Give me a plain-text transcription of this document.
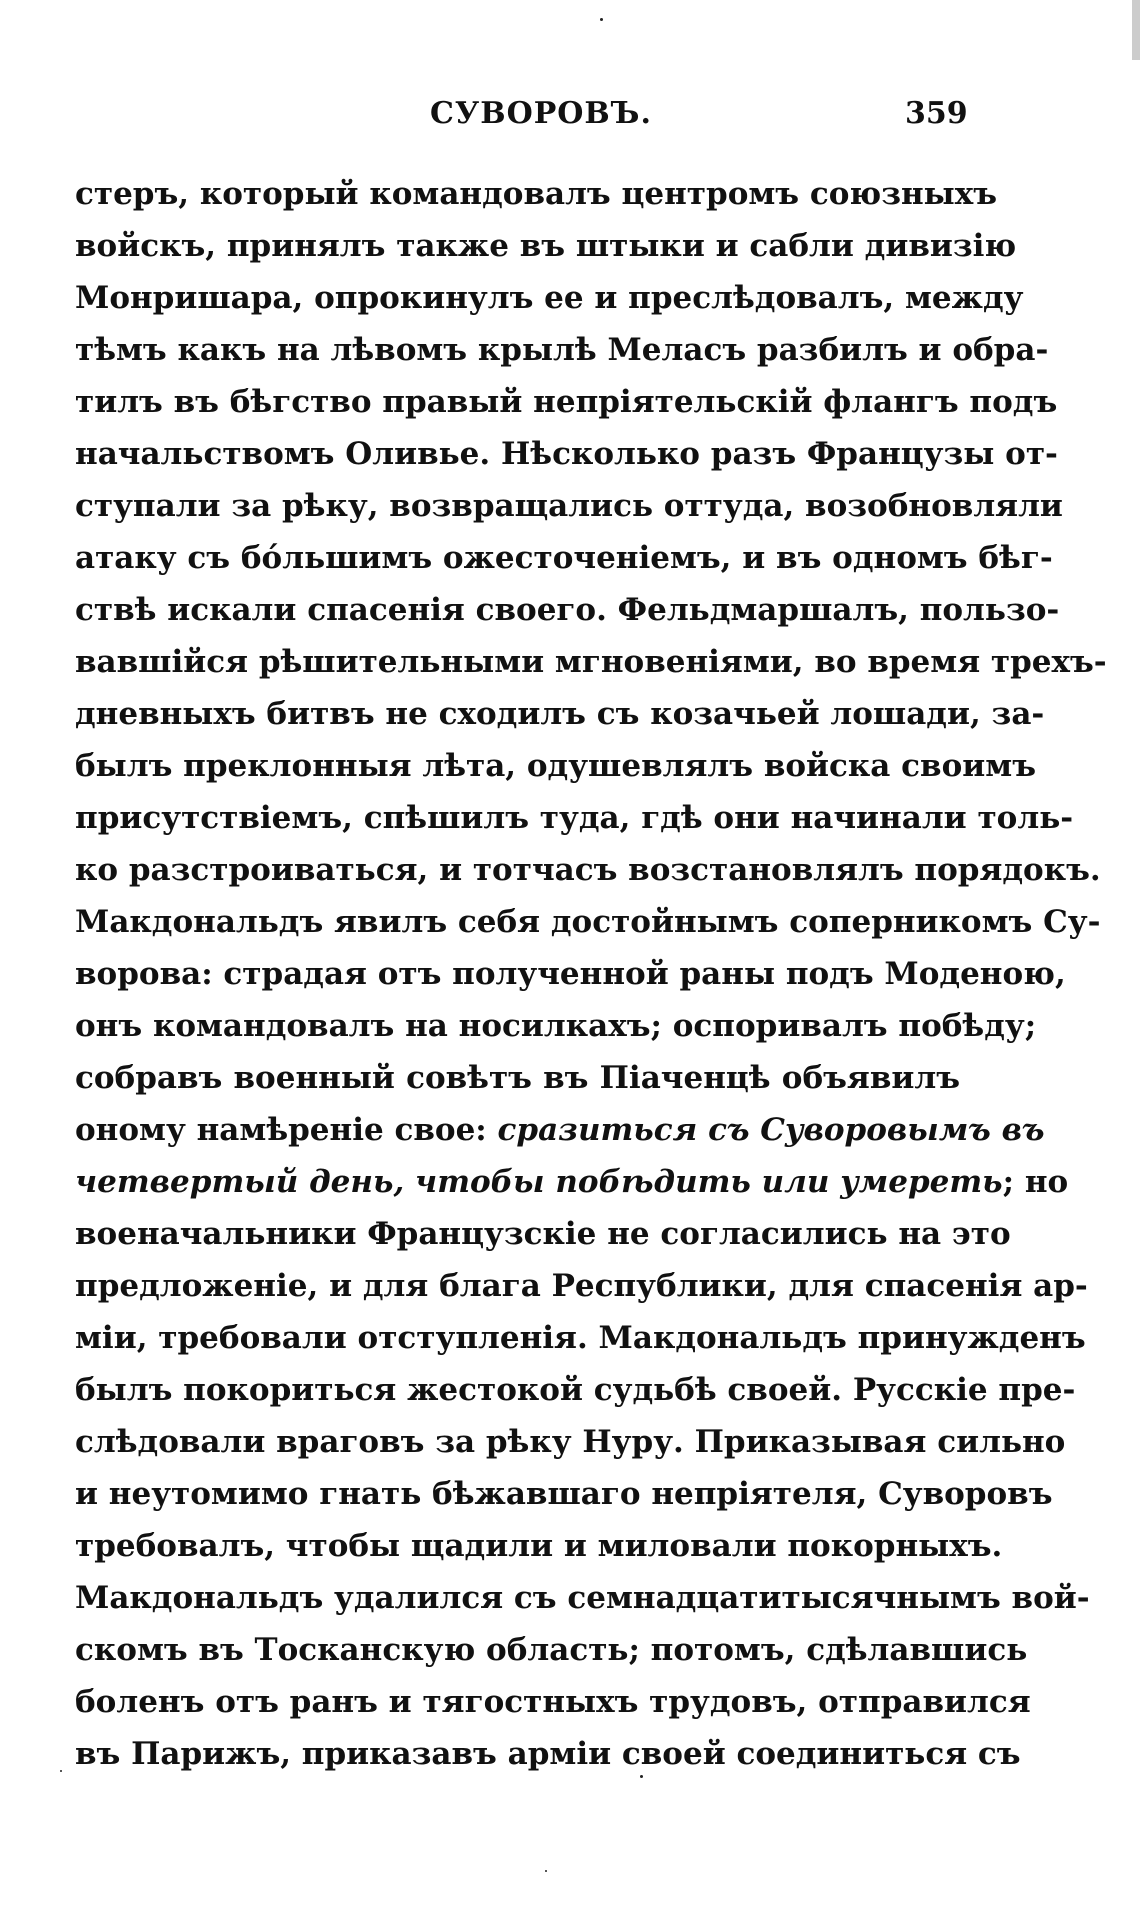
СУВОРОВЪ.	359
стеръ, который командовалъ центромъ союзныхъ
войскъ, принялъ также въ штыки и сабли дивизію
Монришара, опрокинулъ ее и преслѣдовалъ, между
тѣмъ какъ на лѣвомъ крылѣ Меласъ разбилъ и обра-
тилъ въ бѣгство правый непріятельскій флангъ подъ
начальствомъ Оливье. Нѣсколько разъ Французы от-
ступали за рѣку, возвращались оттуда, возобновляли
атаку съ бо́льшимъ ожесточеніемъ, и въ одномъ бѣг-
ствѣ искали спасенія своего. Фельдмаршалъ, пользо-
вавшійся рѣшительными мгновеніями, во время трехъ-
дневныхъ битвъ не сходилъ съ козачьей лошади, за-
былъ преклонныя лѣта, одушевлялъ войска своимъ
присутствіемъ, спѣшилъ туда, гдѣ они начинали толь-
ко разстроиваться, и тотчасъ возстановлялъ порядокъ.
Макдональдъ явилъ себя достойнымъ соперникомъ Су-
ворова: страдая отъ полученной раны подъ Моденою,
онъ командовалъ на носилкахъ; оспоривалъ побѣду;
собравъ военный совѣтъ въ Піаченцѣ объявилъ
оному намѣреніе свое: сразиться съ Суворовымъ въ
четвертый день, чтобы побѣдить или умереть; но
военачальники Французскіе не согласились на это
предложеніе, и для блага Республики, для спасенія ар-
міи, требовали отступленія. Макдональдъ принужденъ
былъ покориться жестокой судьбѣ своей. Русскіе пре-
слѣдовали враговъ за рѣку Нуру. Приказывая сильно
и неутомимо гнать бѣжавшаго непріятеля, Суворовъ
требовалъ, чтобы щадили и миловали покорныхъ.
Макдональдъ удалился съ семнадцатитысячнымъ вой-
скомъ въ Тосканскую область; потомъ, сдѣлавшись
боленъ отъ ранъ и тягостныхъ трудовъ, отправился
въ Парижъ, приказавъ арміи своей соединиться съ
